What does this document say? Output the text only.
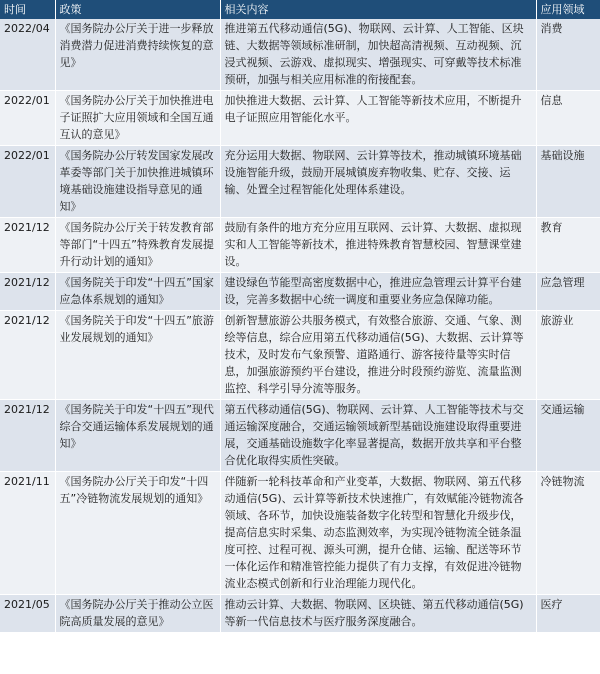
时间	政策	相关内容	应用领域
2022/04	《国务院办公厅关于进一步释放消费潜力促进消费持续恢复的意见》	推进第五代移动通信(5G)、物联网、云计算、人工智能、区块链、大数据等领域标准研制，加快超高清视频、互动视频、沉浸式视频、云游戏、虚拟现实、增强现实、可穿戴等技术标准预研，加强与相关应用标准的衔接配套。	消费
2022/01	《国务院办公厅关于加快推进电子证照扩大应用领域和全国互通互认的意见》	加快推进大数据、云计算、人工智能等新技术应用，不断提升电子证照应用智能化水平。	信息
2022/01	《国务院办公厅转发国家发展改革委等部门关于加快推进城镇环境基础设施建设指导意见的通知》	充分运用大数据、物联网、云计算等技术，推动城镇环境基础设施智能升级，鼓励开展城镇废弃物收集、贮存、交接、运输、处置全过程智能化处理体系建设。	基础设施
2021/12	《国务院办公厅关于转发教育部等部门“十四五”特殊教育发展提升行动计划的通知》	鼓励有条件的地方充分应用互联网、云计算、大数据、虚拟现实和人工智能等新技术，推进特殊教育智慧校园、智慧课堂建设。	教育
2021/12	《国务院关于印发“十四五”国家应急体系规划的通知》	建设绿色节能型高密度数据中心，推进应急管理云计算平台建设，完善多数据中心统一调度和重要业务应急保障功能。	应急管理
2021/12	《国务院关于印发“十四五”旅游业发展规划的通知》	创新智慧旅游公共服务模式，有效整合旅游、交通、气象、测绘等信息，综合应用第五代移动通信(5G)、大数据、云计算等技术，及时发布气象预警、道路通行、游客接待量等实时信息，加强旅游预约平台建设，推进分时段预约游览、流量监测监控、科学引导分流等服务。	旅游业
2021/12	《国务院关于印发“十四五”现代综合交通运输体系发展规划的通知》	第五代移动通信(5G)、物联网、云计算、人工智能等技术与交通运输深度融合，交通运输领域新型基础设施建设取得重要进展，交通基础设施数字化率显著提高，数据开放共享和平台整合优化取得实质性突破。	交通运输
2021/11	《国务院办公厅关于印发“十四五”冷链物流发展规划的通知》	伴随新一轮科技革命和产业变革，大数据、物联网、第五代移动通信(5G)、云计算等新技术快速推广，有效赋能冷链物流各领域、各环节，加快设施装备数字化转型和智慧化升级步伐，提高信息实时采集、动态监测效率，为实现冷链物流全链条温度可控、过程可视、源头可溯，提升仓储、运输、配送等环节一体化运作和精准管控能力提供了有力支撑，有效促进冷链物流业态模式创新和行业治理能力现代化。	冷链物流
2021/05	《国务院办公厅关于推动公立医院高质量发展的意见》	推动云计算、大数据、物联网、区块链、第五代移动通信(5G)等新一代信息技术与医疗服务深度融合。	医疗
